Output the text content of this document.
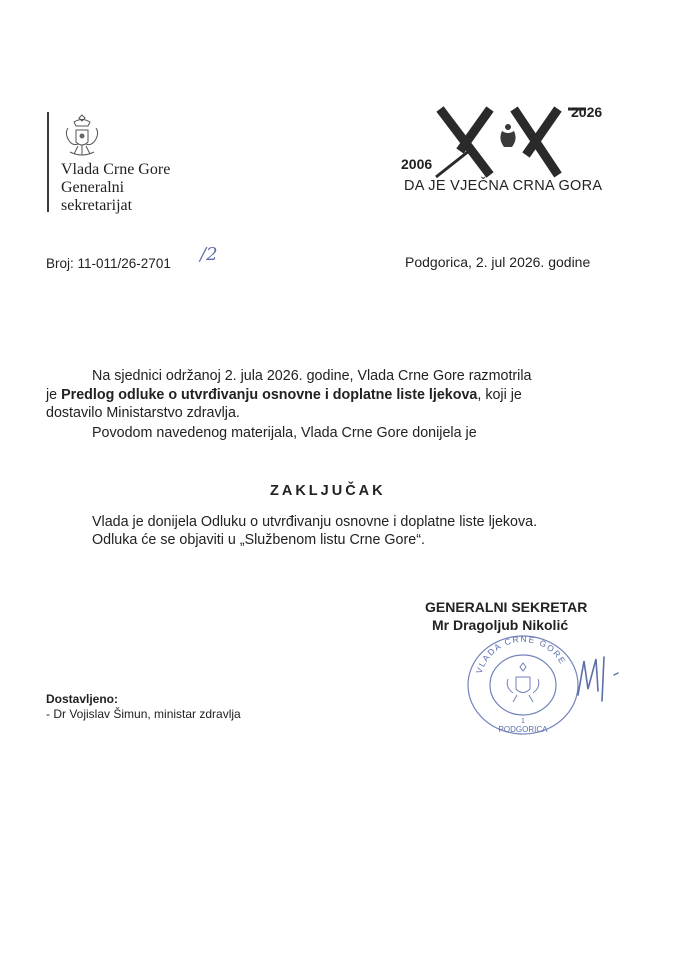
Vlada Crne Gore
Generalni
sekretarijat
2026
2006
DA JE VJEČNA CRNA GORA
Broj: 11-011/26-2701 /2	Podgorica, 2. jul 2026. godine
Na sjednici održanoj 2. jula 2026. godine, Vlada Crne Gore razmotrila
je Predlog odluke o utvrđivanju osnovne i doplatne liste ljekova, koji je
dostavilo Ministarstvo zdravlja.
Povodom navedenog materijala, Vlada Crne Gore donijela je
ZAKLJUČAK
Vlada je donijela Odluku o utvrđivanju osnovne i doplatne liste ljekova.
Odluka će se objaviti u „Službenom listu Crne Gore“.
GENERALNI SEKRETAR
Mr Dragoljub Nikolić
VLADA CRNE GORE
1
PODGORICA
Dostavljeno:
- Dr Vojislav Šimun, ministar zdravlja
